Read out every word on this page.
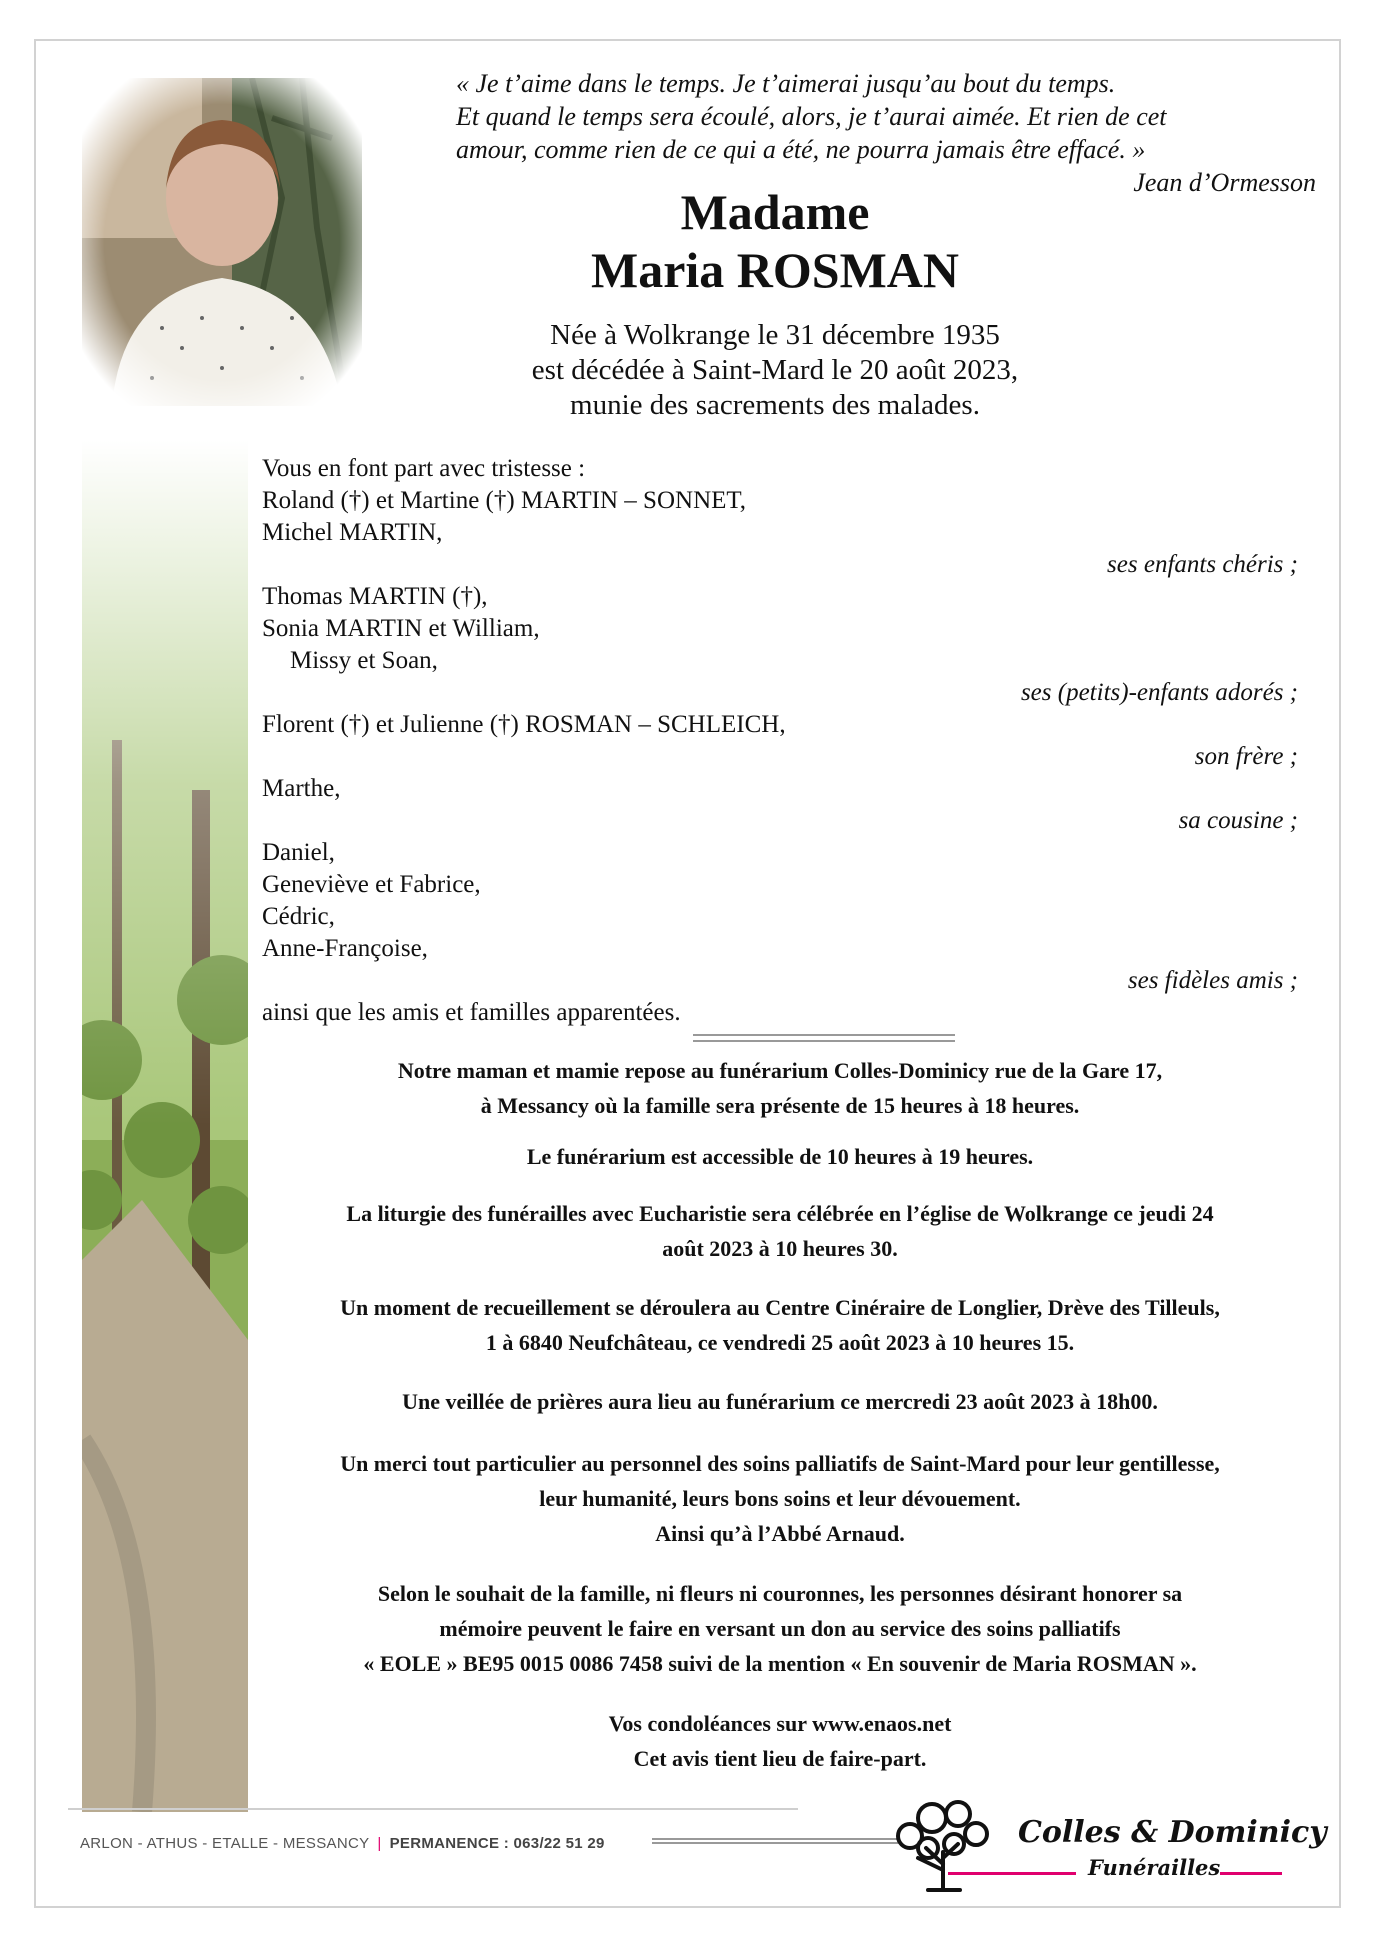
« Je t’aime dans le temps. Je t’aimerai jusqu’au bout du temps.
Et quand le temps sera écoulé, alors, je t’aurai aimée. Et rien de cet
amour, comme rien de ce qui a été, ne pourra jamais être effacé. »
Jean d’Ormesson
Madame
Maria ROSMAN
Née à Wolkrange le 31 décembre 1935
est décédée à Saint-Mard le 20 août 2023,
munie des sacrements des malades.
Vous en font part avec tristesse :
Roland (†) et Martine (†) MARTIN – SONNET,
Michel MARTIN,
ses enfants chéris ;
Thomas MARTIN (†),
Sonia MARTIN et William,
Missy et Soan,
ses (petits)-enfants adorés ;
Florent (†) et Julienne (†) ROSMAN – SCHLEICH,
son frère ;
Marthe,
sa cousine ;
Daniel,
Geneviève et Fabrice,
Cédric,
Anne-Françoise,
ses fidèles amis ;
ainsi que les amis et familles apparentées.
Notre maman et mamie repose au funérarium Colles-Dominicy rue de la Gare 17,
à Messancy où la famille sera présente de 15 heures à 18 heures.
Le funérarium est accessible de 10 heures à 19 heures.
La liturgie des funérailles avec Eucharistie sera célébrée en l’église de Wolkrange ce jeudi 24
août 2023 à 10 heures 30.
Un moment de recueillement se déroulera au Centre Cinéraire de Longlier, Drève des Tilleuls,
1 à 6840 Neufchâteau, ce vendredi 25 août 2023 à 10 heures 15.
Une veillée de prières aura lieu au funérarium ce mercredi 23 août 2023 à 18h00.
Un merci tout particulier au personnel des soins palliatifs de Saint-Mard pour leur gentillesse,
leur humanité, leurs bons soins et leur dévouement.
Ainsi qu’à l’Abbé Arnaud.
Selon le souhait de la famille, ni fleurs ni couronnes, les personnes désirant honorer sa
mémoire peuvent le faire en versant un don au service des soins palliatifs
« EOLE » BE95 0015 0086 7458 suivi de la mention « En souvenir de Maria ROSMAN ».
Vos condoléances sur www.enaos.net
Cet avis tient lieu de faire-part.
ARLON - ATHUS - ETALLE - MESSANCY | PERMANENCE : 063/22 51 29	Colles & Dominicy
Funérailles
